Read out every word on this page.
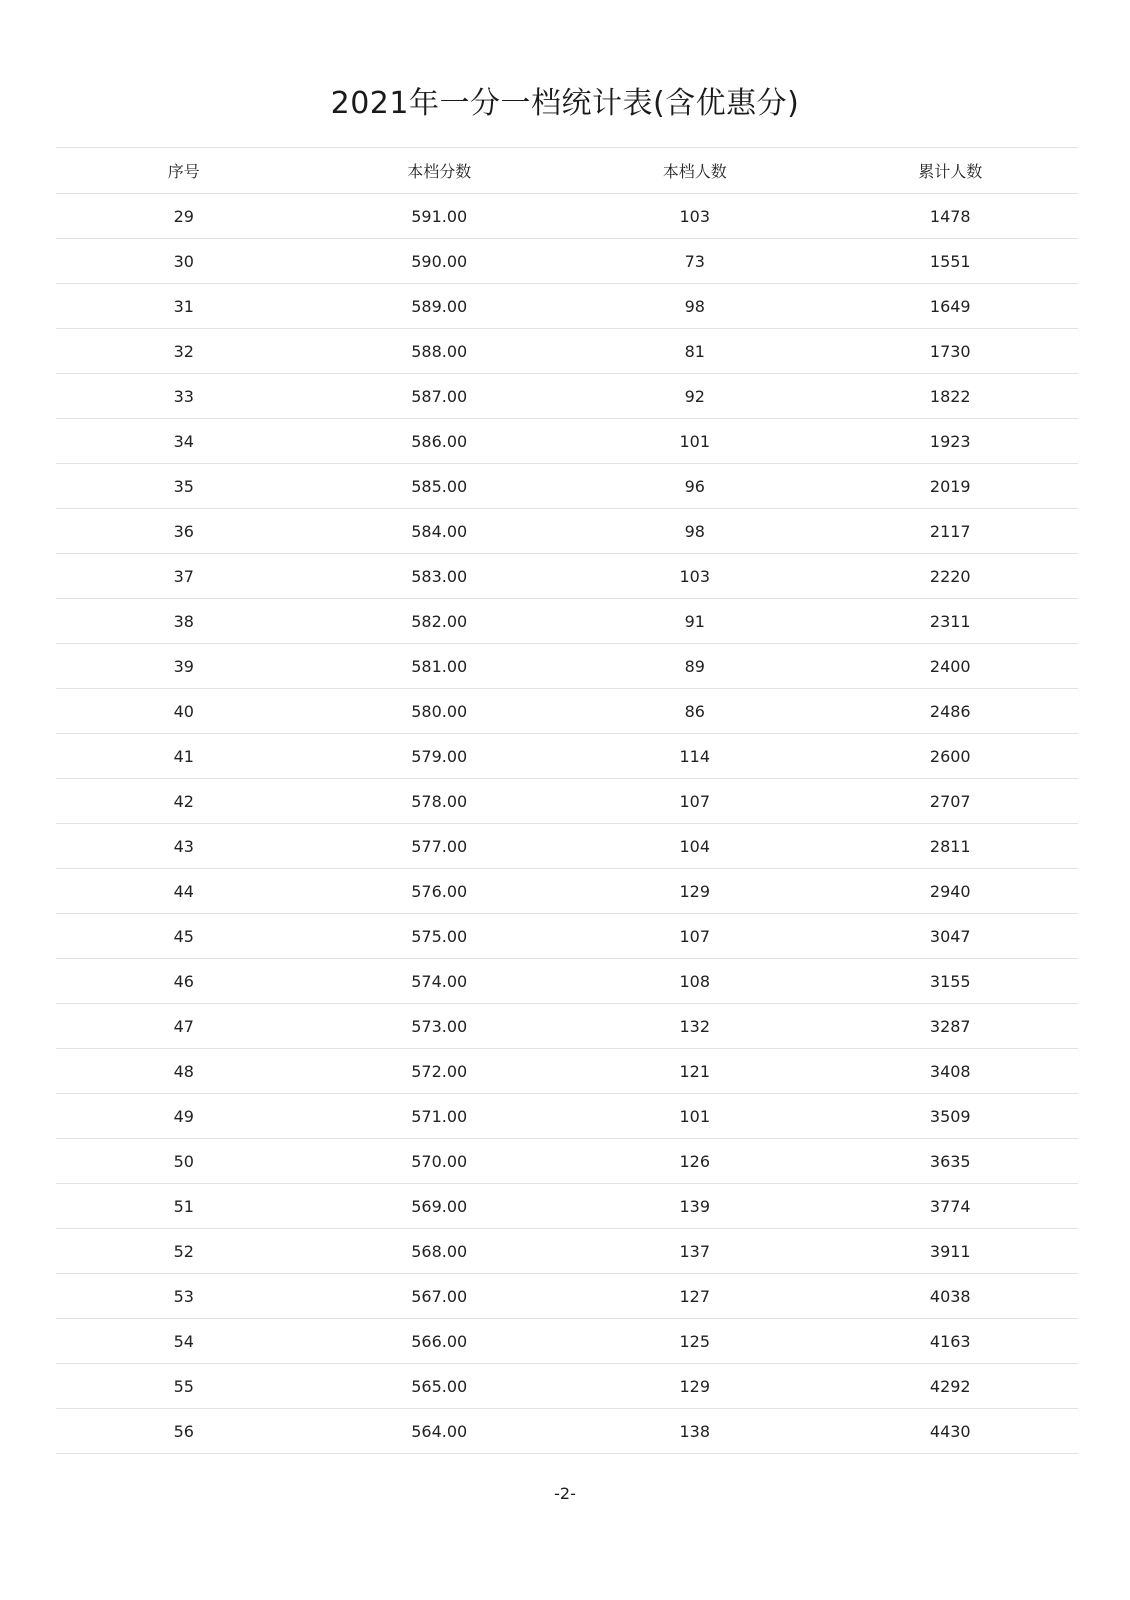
2021年一分一档统计表(含优惠分)
序号	本档分数	本档人数	累计人数
29	591.00	103	1478
30	590.00	73	1551
31	589.00	98	1649
32	588.00	81	1730
33	587.00	92	1822
34	586.00	101	1923
35	585.00	96	2019
36	584.00	98	2117
37	583.00	103	2220
38	582.00	91	2311
39	581.00	89	2400
40	580.00	86	2486
41	579.00	114	2600
42	578.00	107	2707
43	577.00	104	2811
44	576.00	129	2940
45	575.00	107	3047
46	574.00	108	3155
47	573.00	132	3287
48	572.00	121	3408
49	571.00	101	3509
50	570.00	126	3635
51	569.00	139	3774
52	568.00	137	3911
53	567.00	127	4038
54	566.00	125	4163
55	565.00	129	4292
56	564.00	138	4430
-2-
